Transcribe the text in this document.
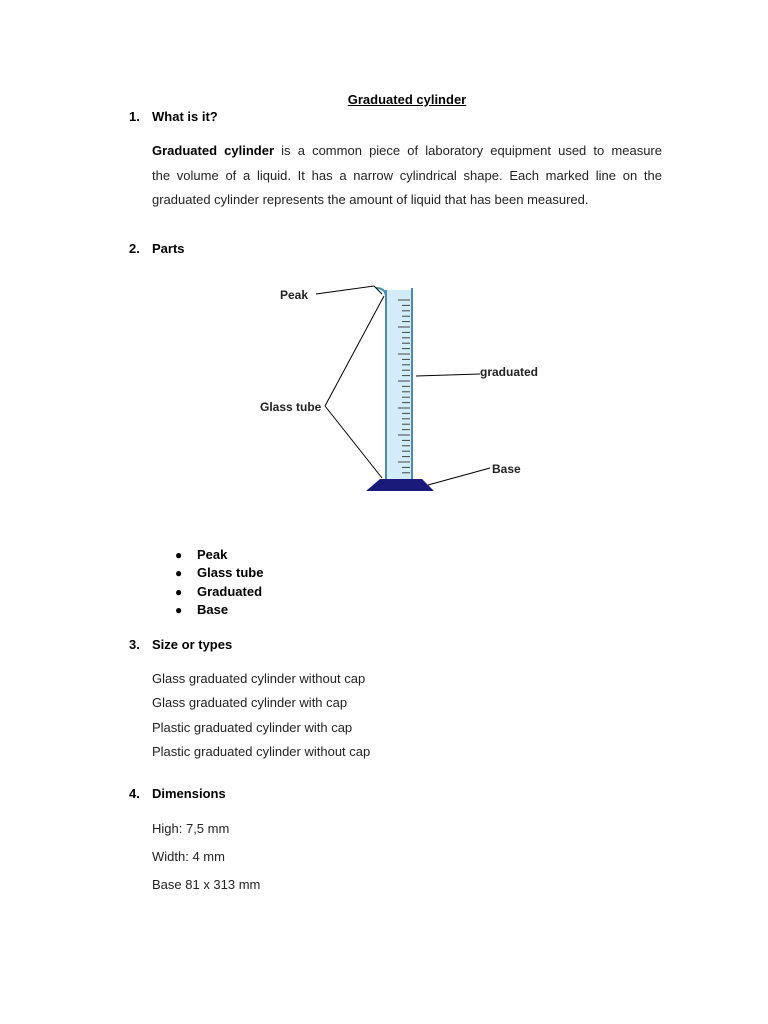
Graduated cylinder
1. What is it?
Graduated cylinder is a common piece of laboratory equipment used to measure
the volume of a liquid. It has a narrow cylindrical shape. Each marked line on the
graduated cylinder represents the amount of liquid that has been measured.
2. Parts
Peak
Glass tube
graduated
Base
● Peak
● Glass tube
● Graduated
● Base
3. Size or types
Glass graduated cylinder without cap
Glass graduated cylinder with cap
Plastic graduated cylinder with cap
Plastic graduated cylinder without cap
4. Dimensions
High: 7,5 mm
Width: 4 mm
Base 81 x 313 mm
